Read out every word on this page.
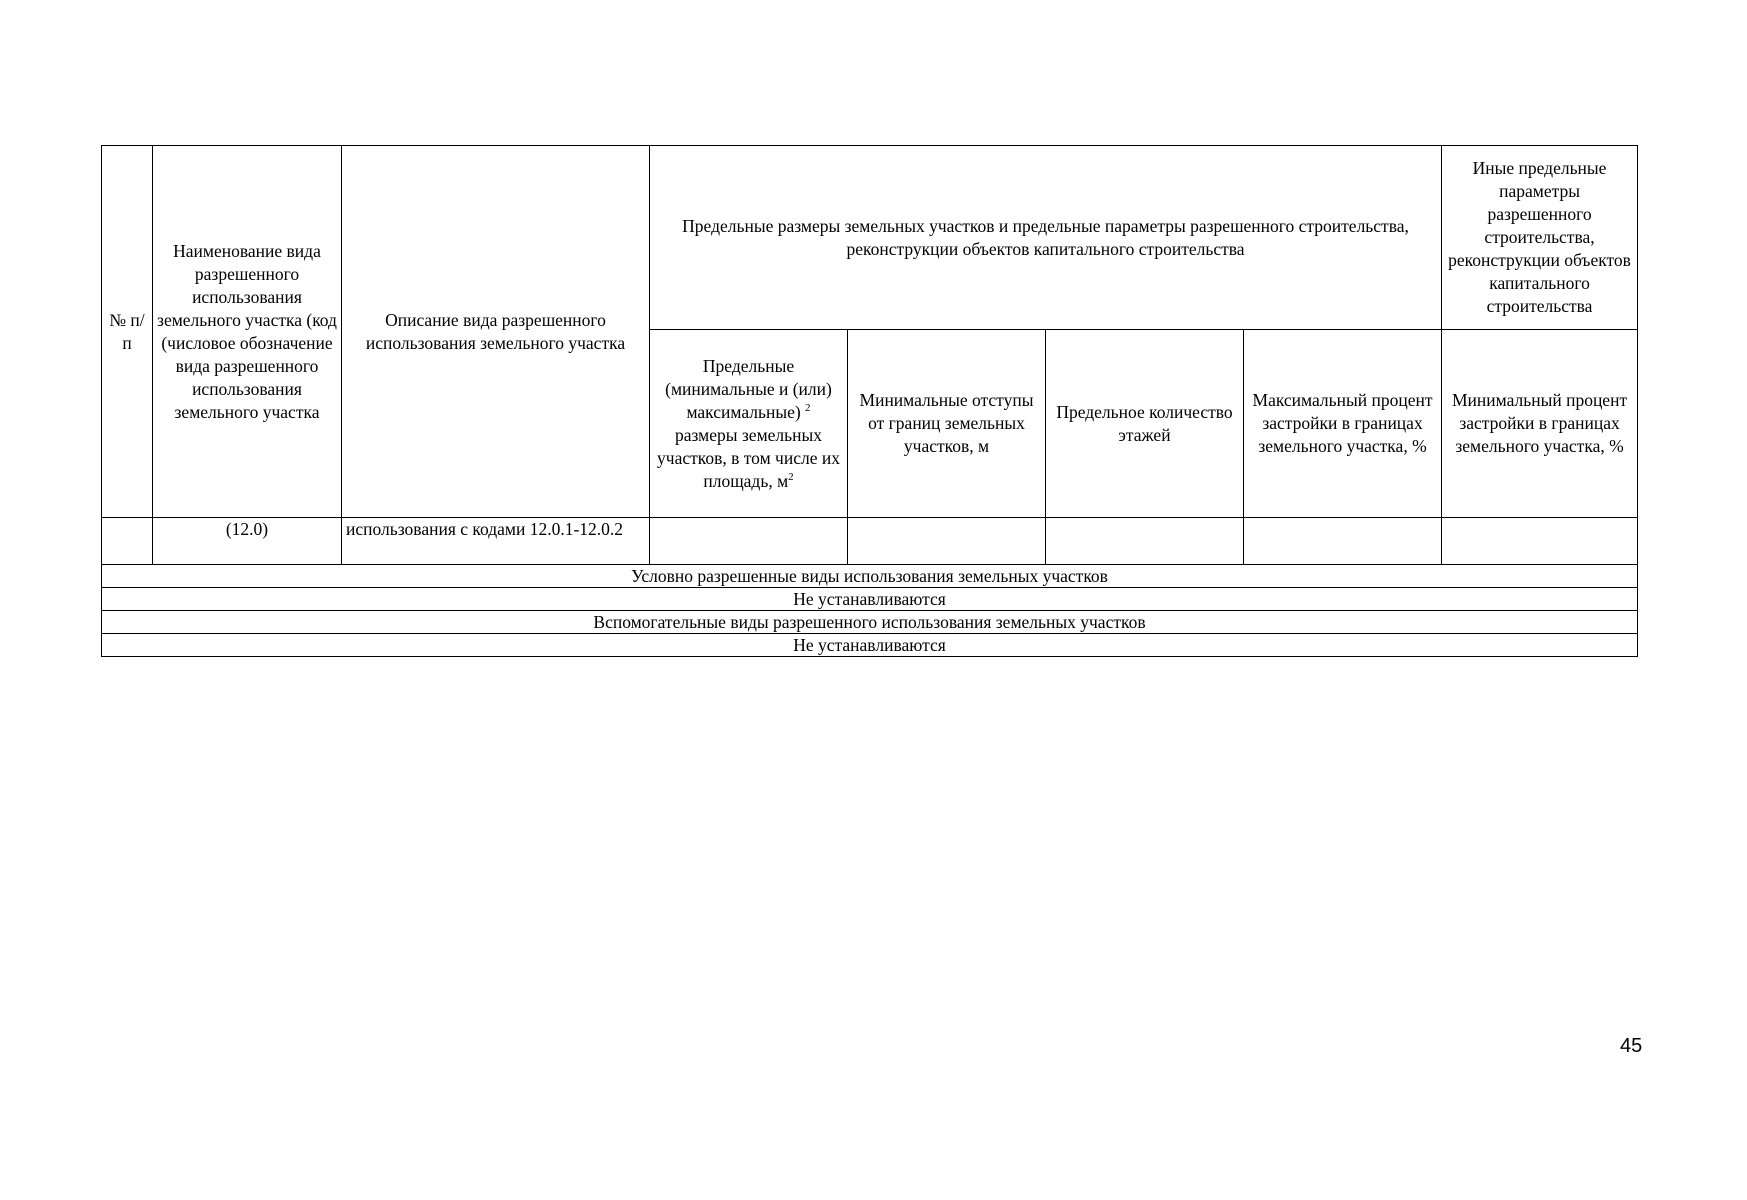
№ п/п	Наименование вида разрешенного использования земельного участка (код (числовое обозначение вида разрешенного использования земельного участка	Описание вида разрешенного использования земельного участка	Предельные размеры земельных участков и предельные параметры разрешенного строительства, реконструкции объектов капитального строительства				Иные предельные параметры разрешенного строительства, реконструкции объектов капитального строительства
			Предельные (минимальные и (или) максимальные) $^2$ размеры земельных участков, в том числе их площадь, $м^2$	Минимальные отступы от границ земельных участков, м	Предельное количество этажей	Максимальный процент застройки в границах земельного участка, %	Минимальный процент застройки в границах земельного участка, %
	(12.0)	использования с кодами 12.0.1-12.0.2					
Условно разрешенные виды использования земельных участков							
Не устанавливаются							
Вспомогательные виды разрешенного использования земельных участков							
Не устанавливаются							
45
